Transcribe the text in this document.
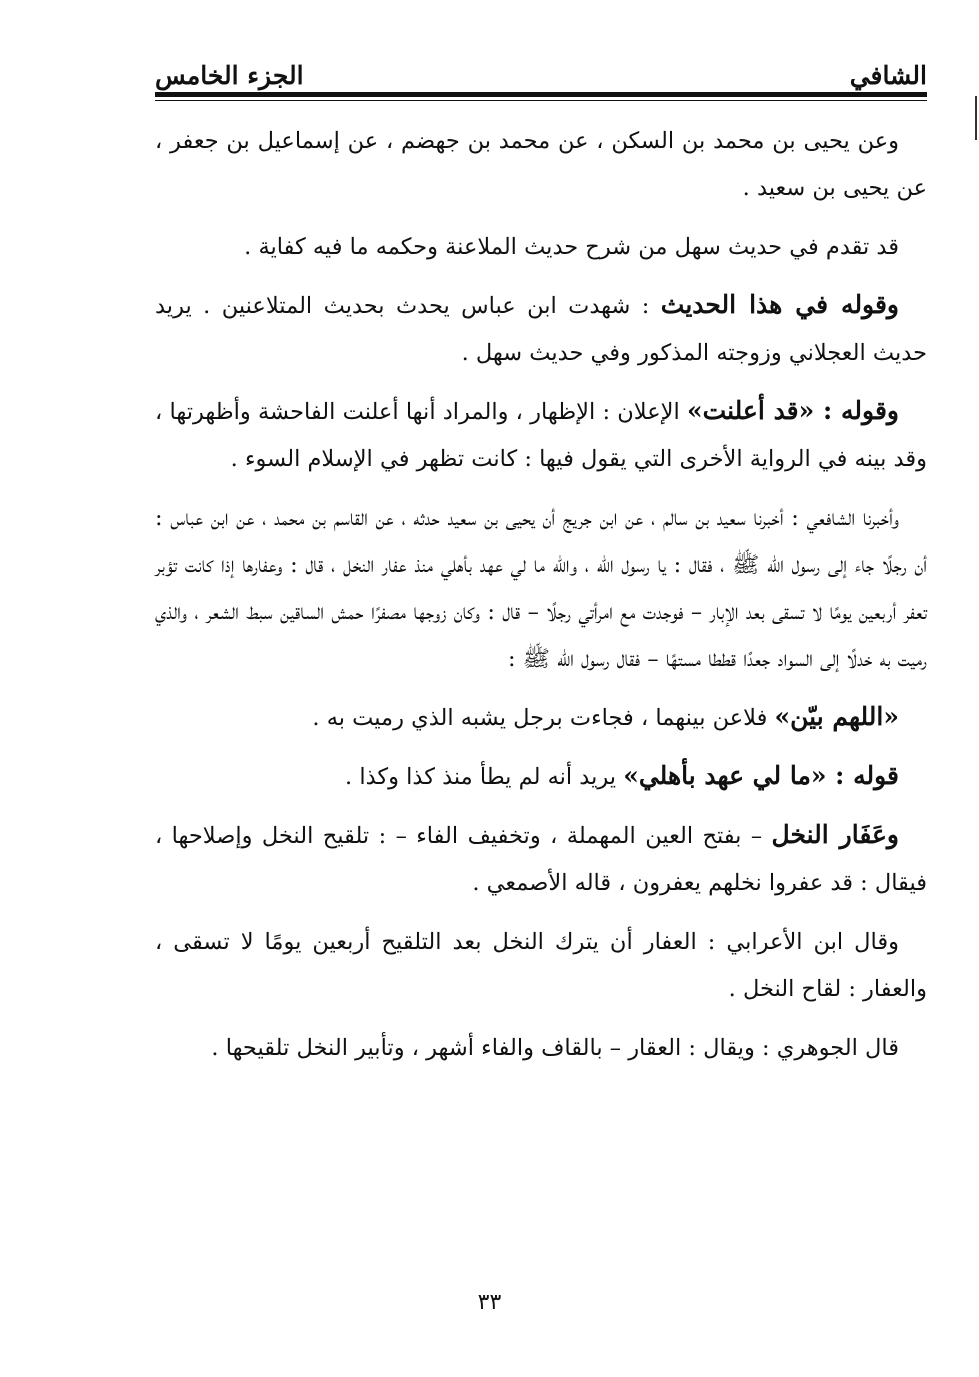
الشافي
الجزء الخامس

وعن يحيى بن محمد بن السكن ، عن محمد بن جهضم ، عن إسماعيل بن جعفر ، عن يحيى بن سعيد .

قد تقدم في حديث سهل من شرح حديث الملاعنة وحكمه ما فيه كفاية .

وقوله في هذا الحديث : شهدت ابن عباس يحدث بحديث المتلاعنين . يريد حديث العجلاني وزوجته المذكور وفي حديث سهل .

وقوله : «قد أعلنت» الإعلان : الإظهار ، والمراد أنها أعلنت الفاحشة وأظهرتها ، وقد بينه في الرواية الأخرى التي يقول فيها : كانت تظهر في الإسلام السوء .

وأخبرنا الشافعي : أخبرنا سعيد بن سالم ، عن ابن جريج أن يحيى بن سعيد حدثه ، عن القاسم بن محمد ، عن ابن عباس : أن رجلًا جاء إلى رسول الله ﷺ ، فقال : يا رسول الله ، والله ما لي عهد بأهلي منذ عفار النخل ، قال : وعفارها إذا كانت تؤبر تعفر أربعين يومًا لا تسقى بعد الإبار – فوجدت مع امرأتي رجلًا – قال : وكان زوجها مصفرًا حمش الساقين سبط الشعر ، والذي رميت به خدلًا إلى السواد جعدًا قططا مستهًا – فقال رسول الله ﷺ :

«اللهم بيّن» فلاعن بينهما ، فجاءت برجل يشبه الذي رميت به .

قوله : «ما لي عهد بأهلي» يريد أنه لم يطأ منذ كذا وكذا .

وعَفَار النخل – بفتح العين المهملة ، وتخفيف الفاء – : تلقيح النخل وإصلاحها ، فيقال : قد عفروا نخلهم يعفرون ، قاله الأصمعي .

وقال ابن الأعرابي : العفار أن يترك النخل بعد التلقيح أربعين يومًا لا تسقى ، والعفار : لقاح النخل .

قال الجوهري : ويقال : العقار – بالقاف والفاء أشهر ، وتأبير النخل تلقيحها .

٣٣
